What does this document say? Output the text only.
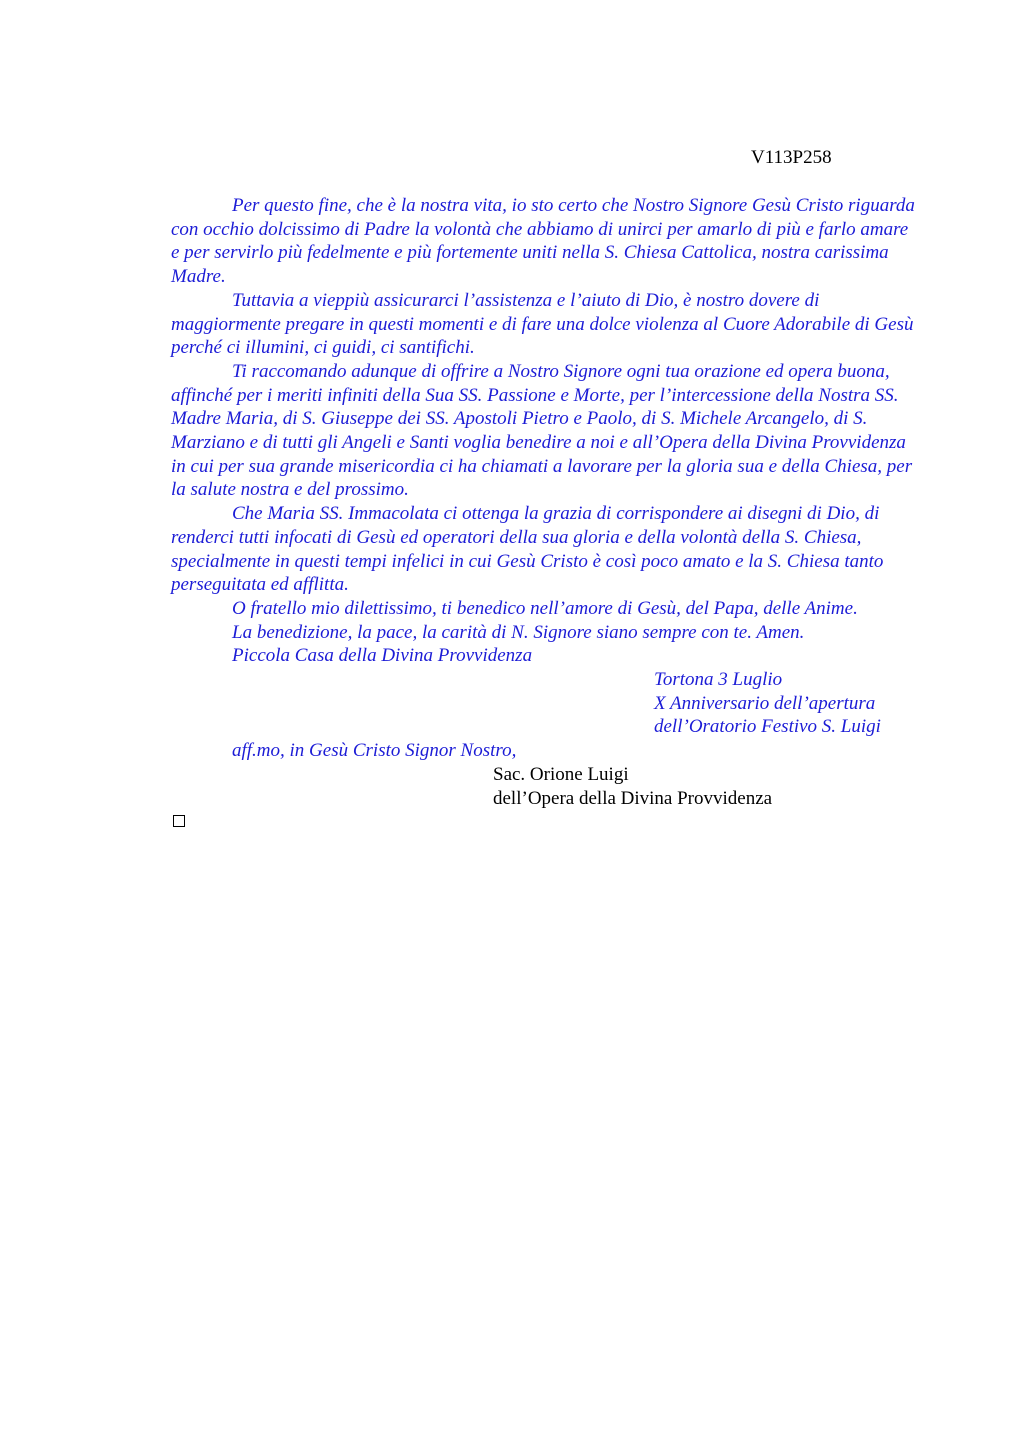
V113P258

Per questo fine, che è la nostra vita, io sto certo che Nostro Signore Gesù Cristo riguarda con occhio dolcissimo di Padre la volontà che abbiamo di unirci per amarlo di più e farlo amare e per servirlo più fedelmente e più fortemente uniti nella S. Chiesa Cattolica, nostra carissima Madre.

Tuttavia a vieppiù assicurarci l’assistenza e l’aiuto di Dio, è nostro dovere di maggiormente pregare in questi momenti e di fare una dolce violenza al Cuore Adorabile di Gesù perché ci illumini, ci guidi, ci santifichi.

Ti raccomando adunque di offrire a Nostro Signore ogni tua orazione ed opera buona, affinché per i meriti infiniti della Sua SS. Passione e Morte, per l’intercessione della Nostra SS. Madre Maria, di S. Giuseppe dei SS. Apostoli Pietro e Paolo, di S. Michele Arcangelo, di S. Marziano e di tutti gli Angeli e Santi voglia benedire a noi e all’Opera della Divina Provvidenza in cui per sua grande misericordia ci ha chiamati a lavorare per la gloria sua e della Chiesa, per la salute nostra e del prossimo.

Che Maria SS. Immacolata ci ottenga la grazia di corrispondere ai disegni di Dio, di renderci tutti infocati di Gesù ed operatori della sua gloria e della volontà della S. Chiesa, specialmente in questi tempi infelici in cui Gesù Cristo è così poco amato e la S. Chiesa tanto perseguitata ed afflitta.

O fratello mio dilettissimo, ti benedico nell’amore di Gesù, del Papa, delle Anime.
La benedizione, la pace, la carità di N. Signore siano sempre con te. Amen.
Piccola Casa della Divina Provvidenza
Tortona 3 Luglio
X Anniversario dell’apertura
dell’Oratorio Festivo S. Luigi
aff.mo, in Gesù Cristo Signor Nostro,
Sac. Orione Luigi
dell’Opera della Divina Provvidenza
